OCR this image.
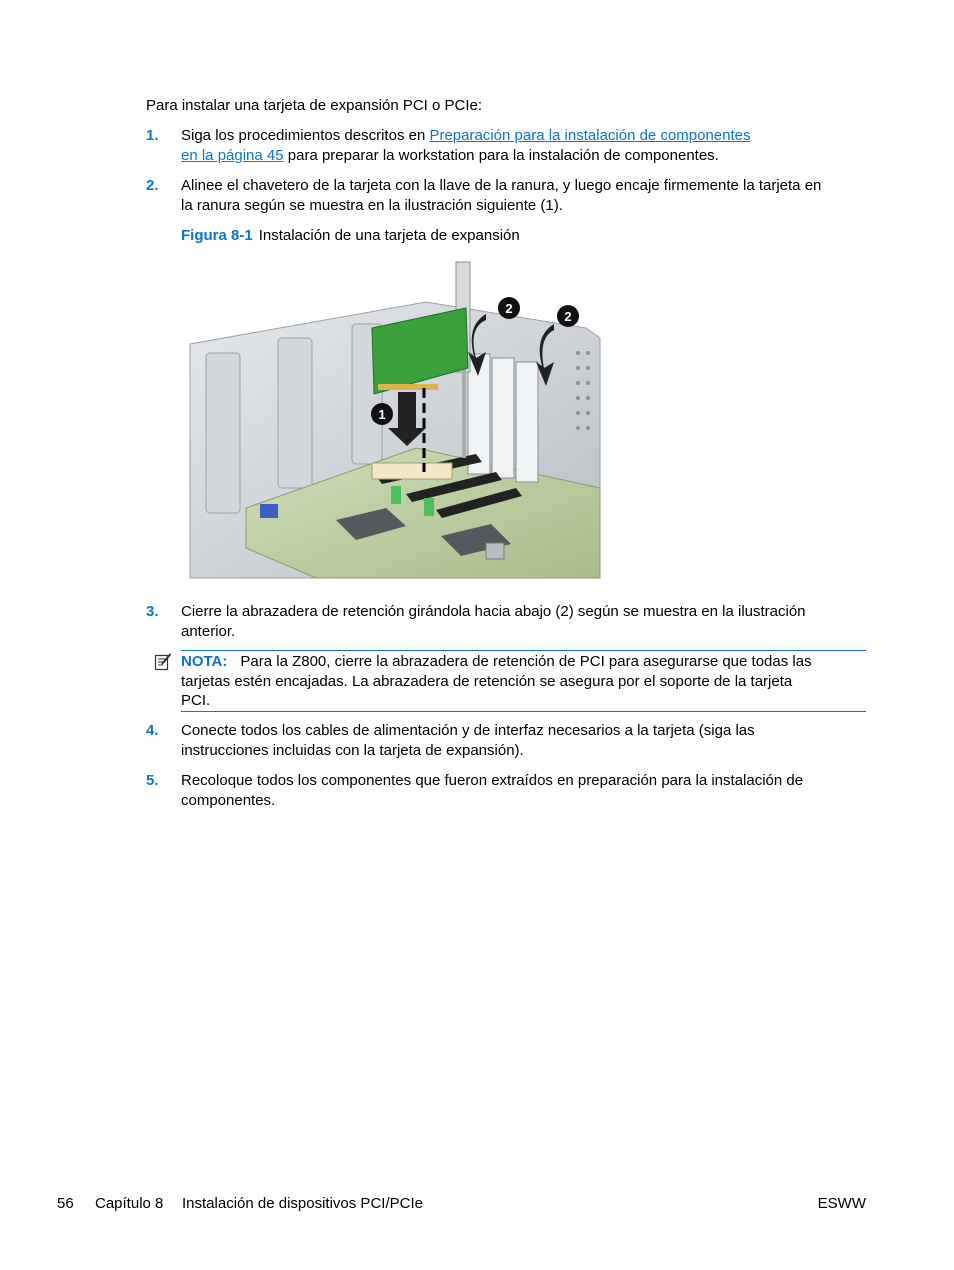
Para instalar una tarjeta de expansión PCI o PCIe:
1. Siga los procedimientos descritos en Preparación para la instalación de componentes
en la página 45 para preparar la workstation para la instalación de componentes.
2. Alinee el chavetero de la tarjeta con la llave de la ranura, y luego encaje firmemente la tarjeta en
la ranura según se muestra en la ilustración siguiente (1).
Figura 8-1 Instalación de una tarjeta de expansión
1
2
2
3. Cierre la abrazadera de retención girándola hacia abajo (2) según se muestra en la ilustración
anterior.
NOTA: Para la Z800, cierre la abrazadera de retención de PCI para asegurarse que todas las
tarjetas estén encajadas. La abrazadera de retención se asegura por el soporte de la tarjeta
PCI.
4. Conecte todos los cables de alimentación y de interfaz necesarios a la tarjeta (siga las
instrucciones incluidas con la tarjeta de expansión).
5. Recoloque todos los componentes que fueron extraídos en preparación para la instalación de
componentes.
56 Capítulo 8 Instalación de dispositivos PCI/PCIe	ESWW
